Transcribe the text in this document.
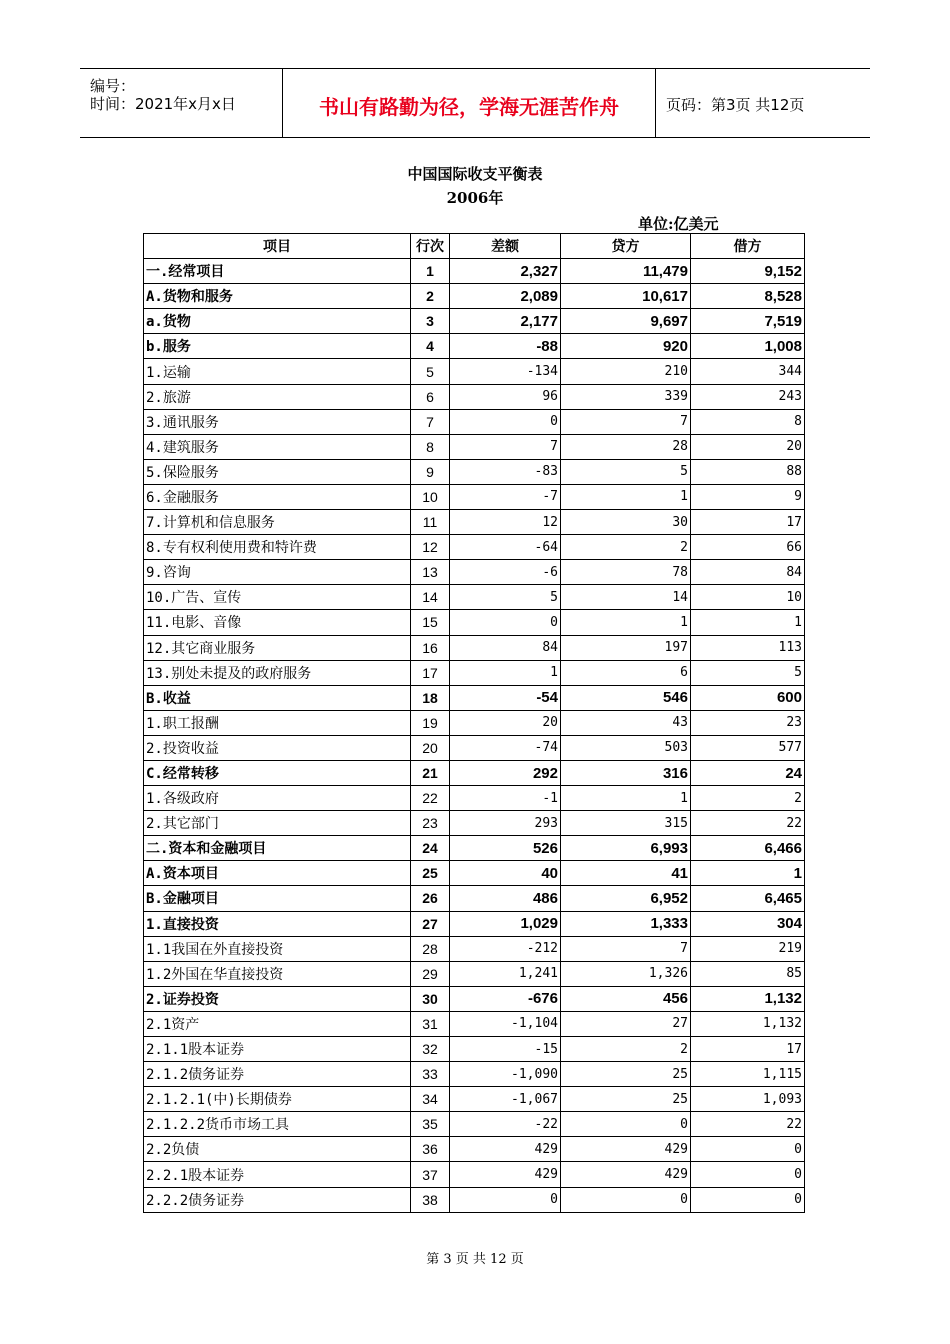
编号：
时间：2021年x月x日	书山有路勤为径，学海无涯苦作舟	页码：第3页 共12页
中国国际收支平衡表
2006年
单位:亿美元
项目	行次	差额	贷方	借方
一.经常项目	1	2,327	11,479	9,152
A.货物和服务	2	2,089	10,617	8,528
a.货物	3	2,177	9,697	7,519
b.服务	4	-88	920	1,008
1.运输	5	-134	210	344
2.旅游	6	96	339	243
3.通讯服务	7	0	7	8
4.建筑服务	8	7	28	20
5.保险服务	9	-83	5	88
6.金融服务	10	-7	1	9
7.计算机和信息服务	11	12	30	17
8.专有权利使用费和特许费	12	-64	2	66
9.咨询	13	-6	78	84
10.广告、宣传	14	5	14	10
11.电影、音像	15	0	1	1
12.其它商业服务	16	84	197	113
13.别处未提及的政府服务	17	1	6	5
B.收益	18	-54	546	600
1.职工报酬	19	20	43	23
2.投资收益	20	-74	503	577
C.经常转移	21	292	316	24
1.各级政府	22	-1	1	2
2.其它部门	23	293	315	22
二.资本和金融项目	24	526	6,993	6,466
A.资本项目	25	40	41	1
B.金融项目	26	486	6,952	6,465
1.直接投资	27	1,029	1,333	304
1.1我国在外直接投资	28	-212	7	219
1.2外国在华直接投资	29	1,241	1,326	85
2.证券投资	30	-676	456	1,132
2.1资产	31	-1,104	27	1,132
2.1.1股本证券	32	-15	2	17
2.1.2债务证券	33	-1,090	25	1,115
2.1.2.1(中)长期债券	34	-1,067	25	1,093
2.1.2.2货币市场工具	35	-22	0	22
2.2负债	36	429	429	0
2.2.1股本证券	37	429	429	0
2.2.2债务证券	38	0	0	0
第 3 页 共 12 页
